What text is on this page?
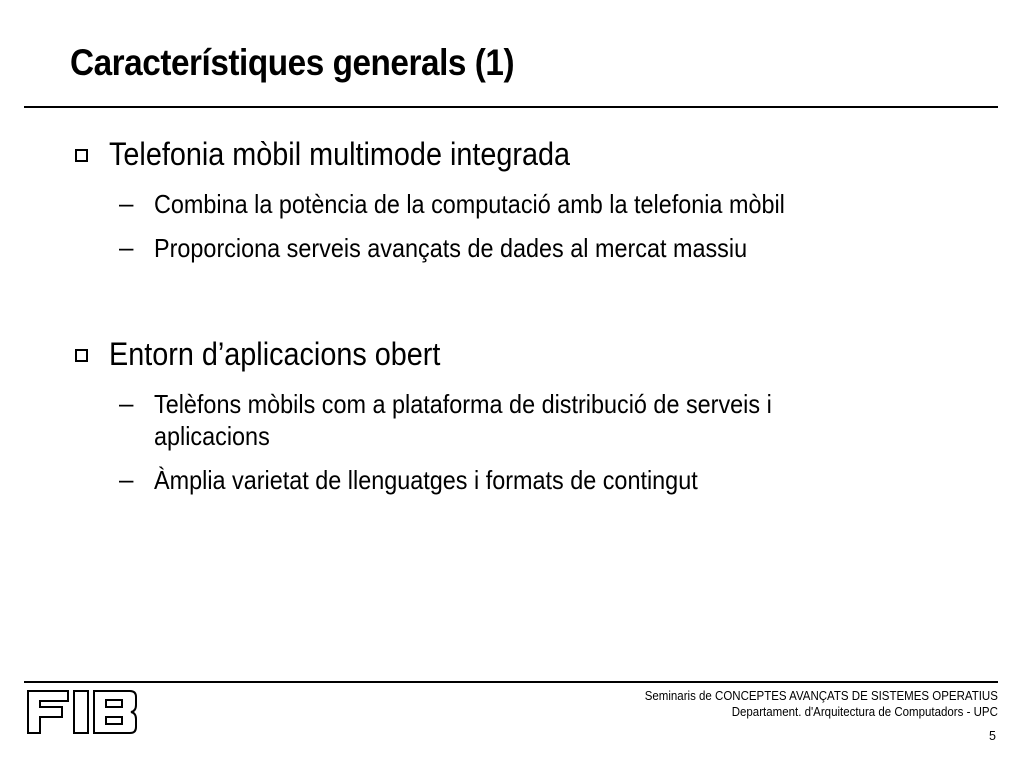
Característiques generals (1)
Telefonia mòbil multimode integrada
– Combina la potència de la computació amb la telefonia mòbil
– Proporciona serveis avançats de dades al mercat massiu
Entorn d’aplicacions obert
– Telèfons mòbils com a plataforma de distribució de serveis i
aplicacions
– Àmplia varietat de llenguatges i formats de contingut
Seminaris de CONCEPTES AVANÇATS DE SISTEMES OPERATIUS
Departament. d'Arquitectura de Computadors - UPC
5
